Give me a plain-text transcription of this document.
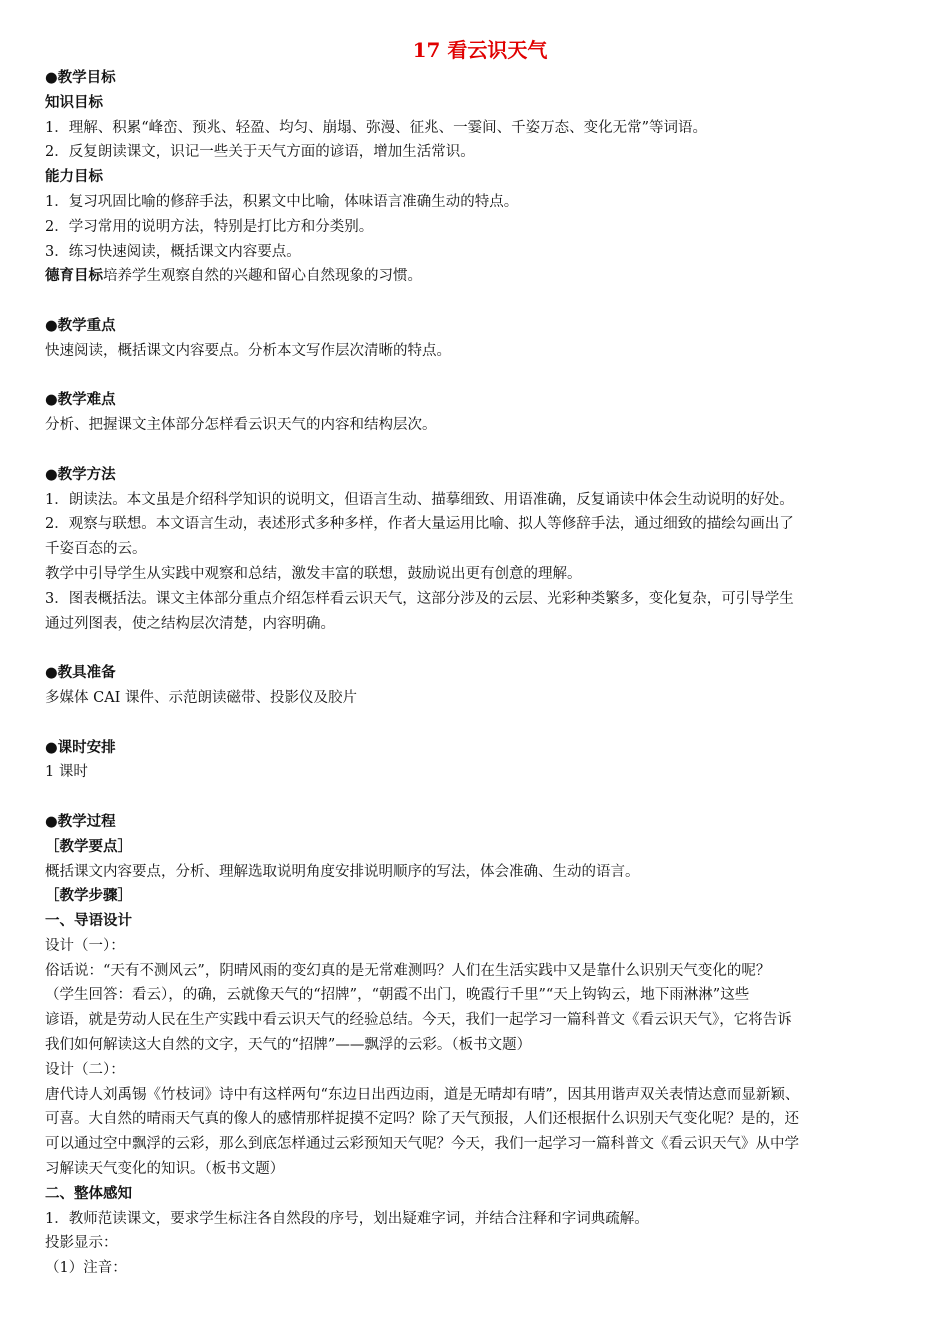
17 看云识天气
●教学目标
知识目标
1．理解、积累“峰峦、预兆、轻盈、均匀、崩塌、弥漫、征兆、一霎间、千姿万态、变化无常”等词语。
2．反复朗读课文，识记一些关于天气方面的谚语，增加生活常识。
能力目标
1．复习巩固比喻的修辞手法，积累文中比喻，体味语言准确生动的特点。
2．学习常用的说明方法，特别是打比方和分类别。
3．练习快速阅读，概括课文内容要点。
德育目标培养学生观察自然的兴趣和留心自然现象的习惯。
●教学重点
快速阅读，概括课文内容要点。分析本文写作层次清晰的特点。
●教学难点
分析、把握课文主体部分怎样看云识天气的内容和结构层次。
●教学方法
1．朗读法。本文虽是介绍科学知识的说明文，但语言生动、描摹细致、用语准确，反复诵读中体会生动说明的好处。
2．观察与联想。本文语言生动，表述形式多种多样，作者大量运用比喻、拟人等修辞手法，通过细致的描绘勾画出了
千姿百态的云。
教学中引导学生从实践中观察和总结，激发丰富的联想，鼓励说出更有创意的理解。
3．图表概括法。课文主体部分重点介绍怎样看云识天气，这部分涉及的云层、光彩种类繁多，变化复杂，可引导学生
通过列图表，使之结构层次清楚，内容明确。
●教具准备
多媒体 CAI 课件、示范朗读磁带、投影仪及胶片
●课时安排
1 课时
●教学过程
［教学要点］
概括课文内容要点，分析、理解选取说明角度安排说明顺序的写法，体会准确、生动的语言。
［教学步骤］
一、导语设计
设计（一）：
俗话说：“天有不测风云”，阴晴风雨的变幻真的是无常难测吗？人们在生活实践中又是靠什么识别天气变化的呢？
（学生回答：看云），的确，云就像天气的“招牌”，“朝霞不出门，晚霞行千里”“天上钩钩云，地下雨淋淋”这些
谚语，就是劳动人民在生产实践中看云识天气的经验总结。今天，我们一起学习一篇科普文《看云识天气》，它将告诉
我们如何解读这大自然的文字，天气的“招牌”——飘浮的云彩。（板书文题）
设计（二）：
唐代诗人刘禹锡《竹枝词》诗中有这样两句“东边日出西边雨，道是无晴却有晴”，因其用谐声双关表情达意而显新颖、
可喜。大自然的晴雨天气真的像人的感情那样捉摸不定吗？除了天气预报，人们还根据什么识别天气变化呢？是的，还
可以通过空中飘浮的云彩，那么到底怎样通过云彩预知天气呢？今天，我们一起学习一篇科普文《看云识天气》从中学
习解读天气变化的知识。（板书文题）
二、整体感知
1．教师范读课文，要求学生标注各自然段的序号，划出疑难字词，并结合注释和字词典疏解。
投影显示：
（1）注音：
